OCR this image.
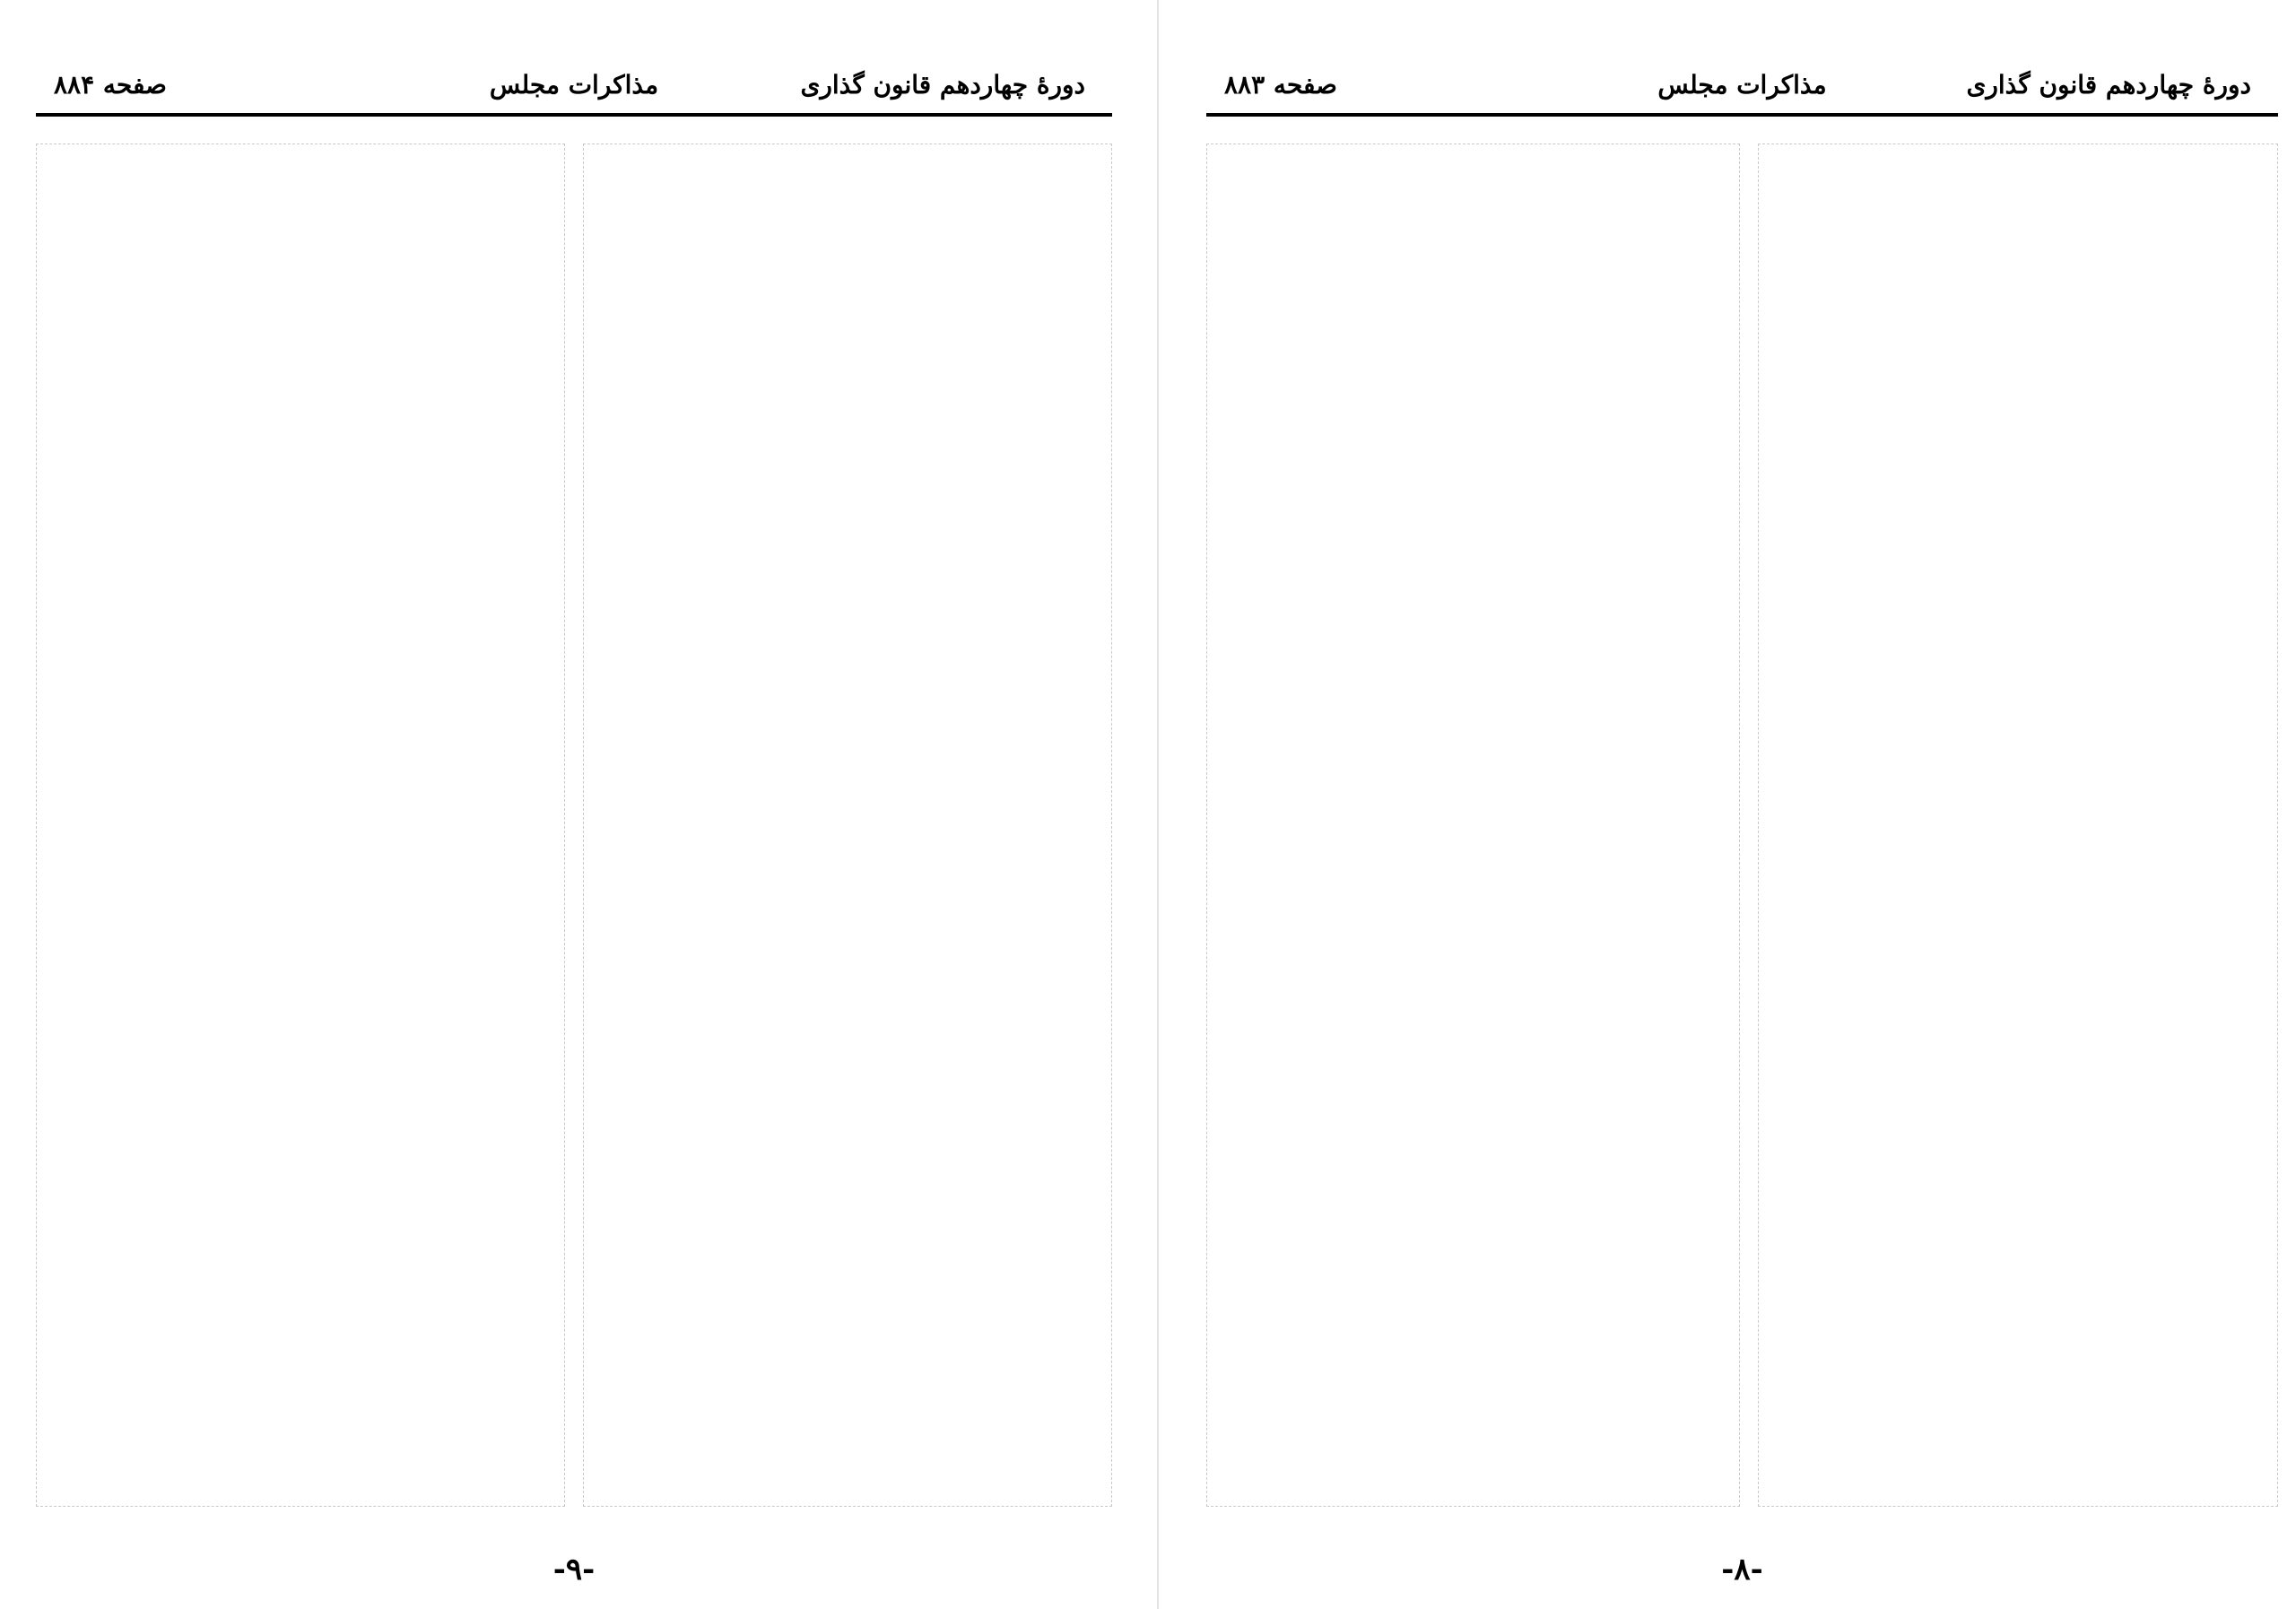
دورهٔ چهاردهم قانون گذاری
مذاکرات مجلس
صفحه ۸۸۴
-۹-
دورهٔ چهاردهم قانون گذاری
مذاکرات مجلس
صفحه ۸۸۳
-۸-
